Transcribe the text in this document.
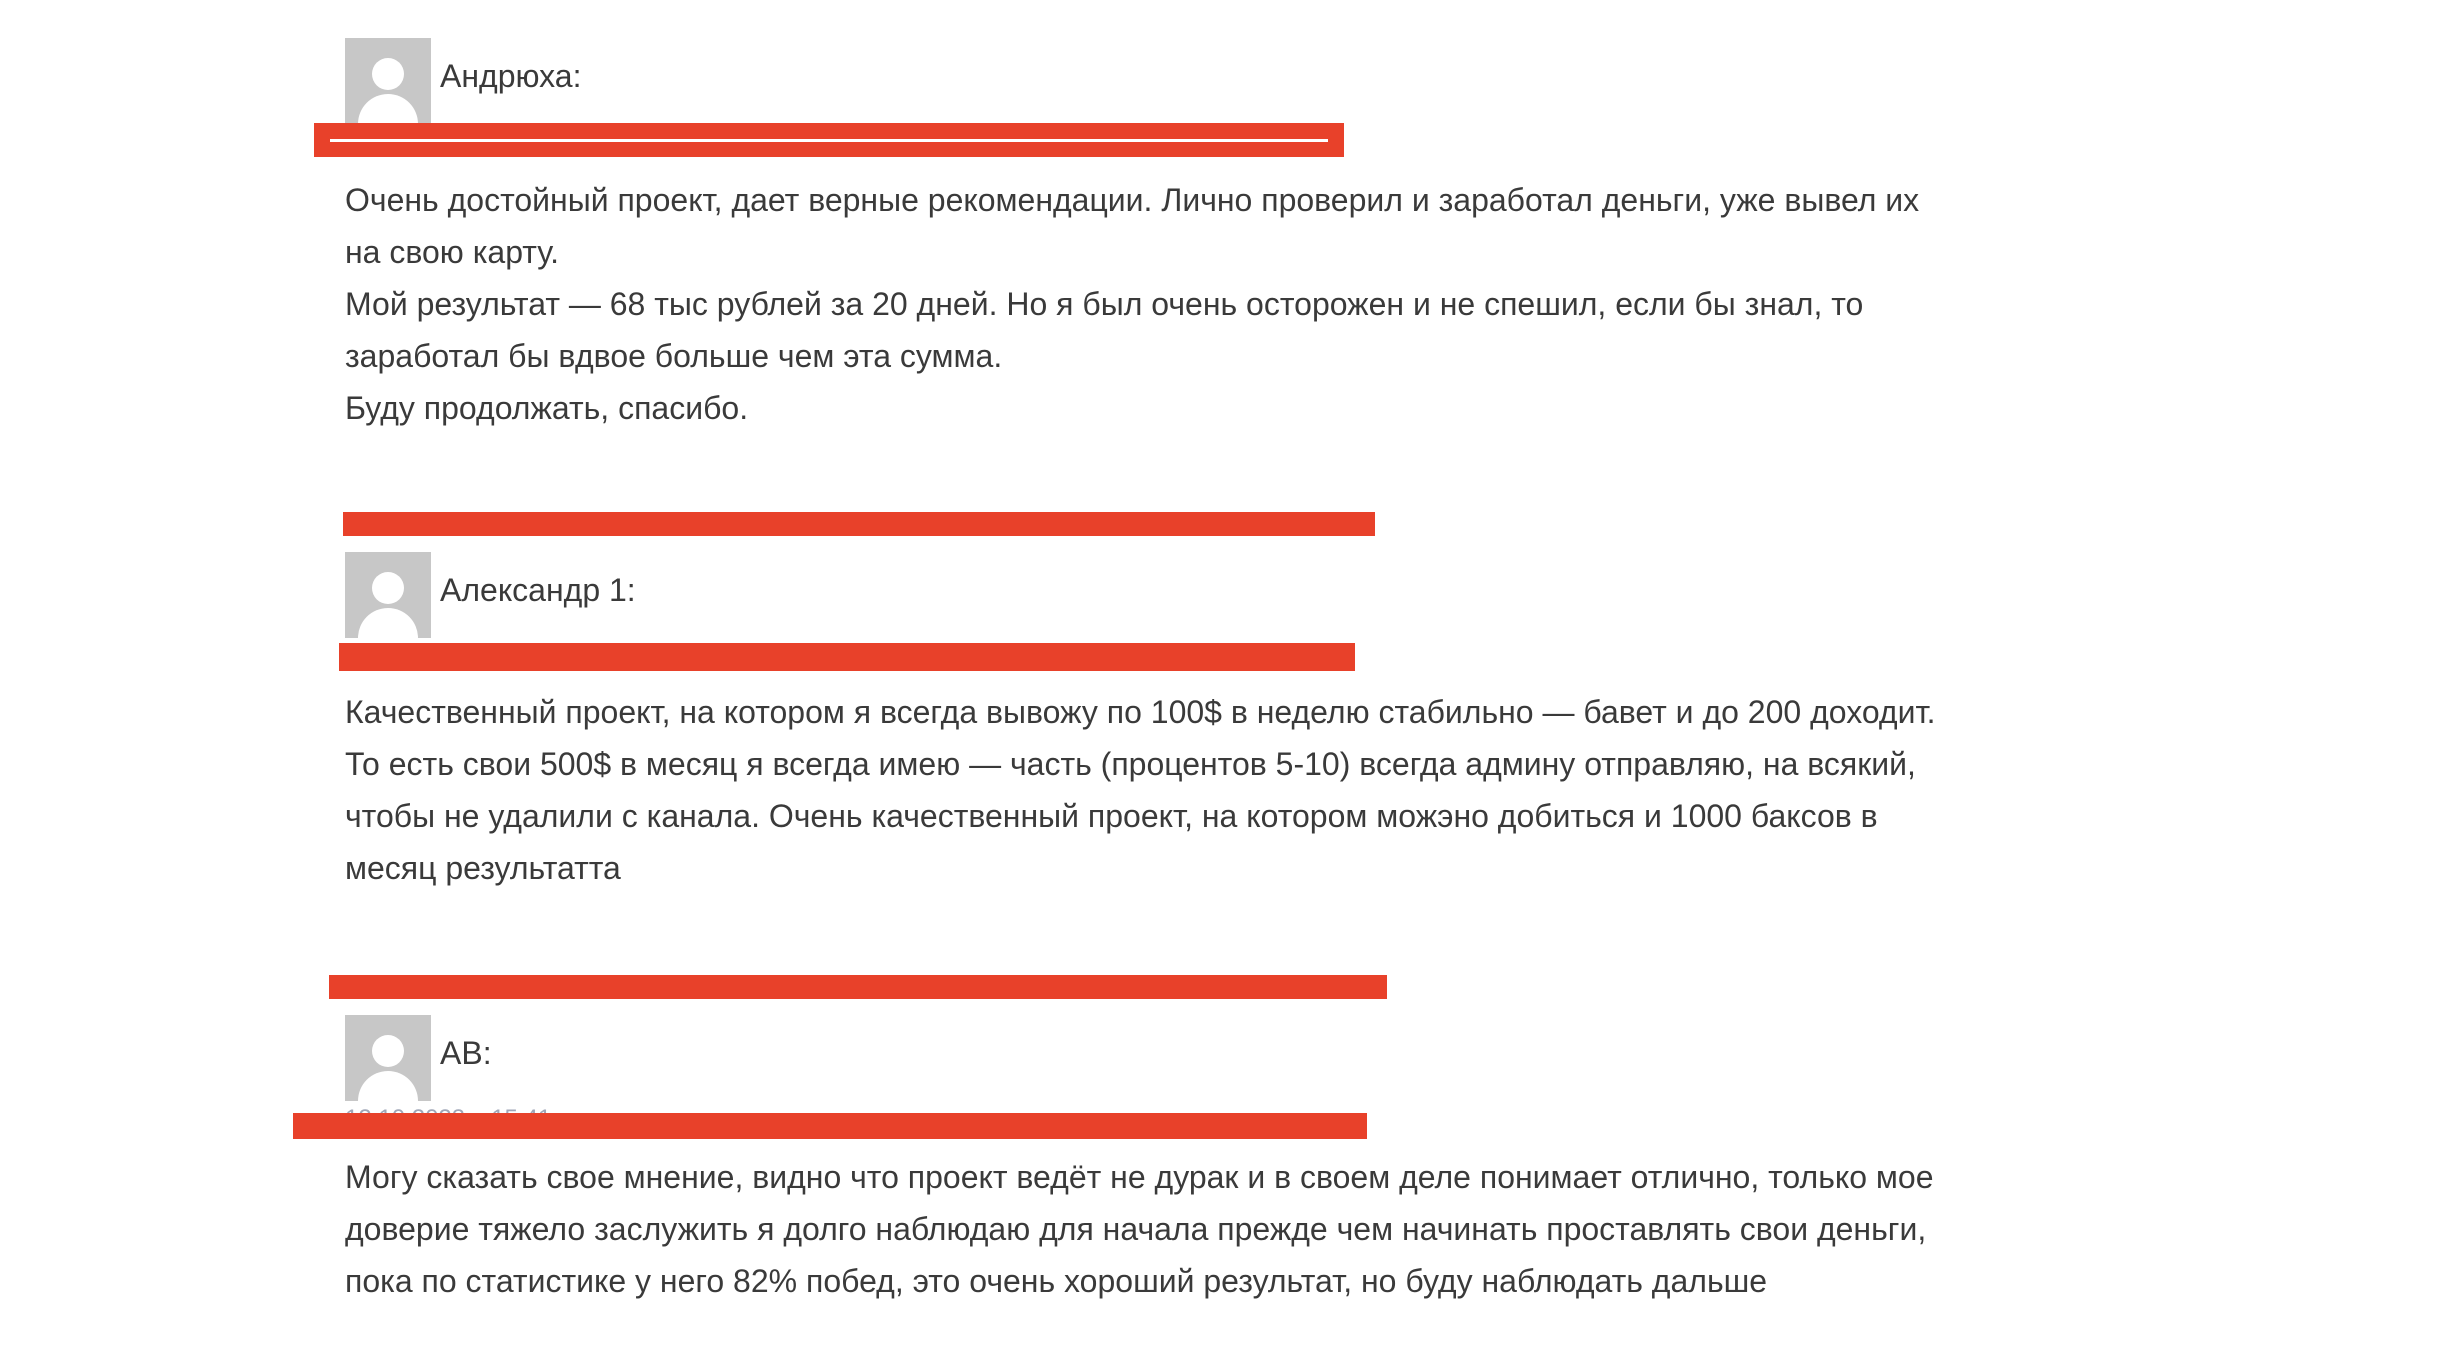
Андрюха:

Очень достойный проект, дает верные рекомендации. Лично проверил и заработал деньги, уже вывел их на свою карту.

Мой результат — 68 тыс рублей за 20 дней. Но я был очень осторожен и не спешил, если бы знал, то заработал бы вдвое больше чем эта сумма.

Буду продолжать, спасибо.

Александр 1:

Качественный проект, на котором я всегда вывожу по 100$ в неделю стабильно — бавет и до 200 доходит. То есть свои 500$ в месяц я всегда имею — часть (процентов 5-10) всегда админу отправляю, на всякий, чтобы не удалили с канала. Очень качественный проект, на котором можэно добиться и 1000 баксов в месяц результатта

АВ:

Могу сказать свое мнение, видно что проект ведёт не дурак и в своем деле понимает отлично, только мое доверие тяжело заслужить я долго наблюдаю для начала прежде чем начинать проставлять свои деньги, пока по статистике у него 82% побед, это очень хороший результат, но буду наблюдать дальше
